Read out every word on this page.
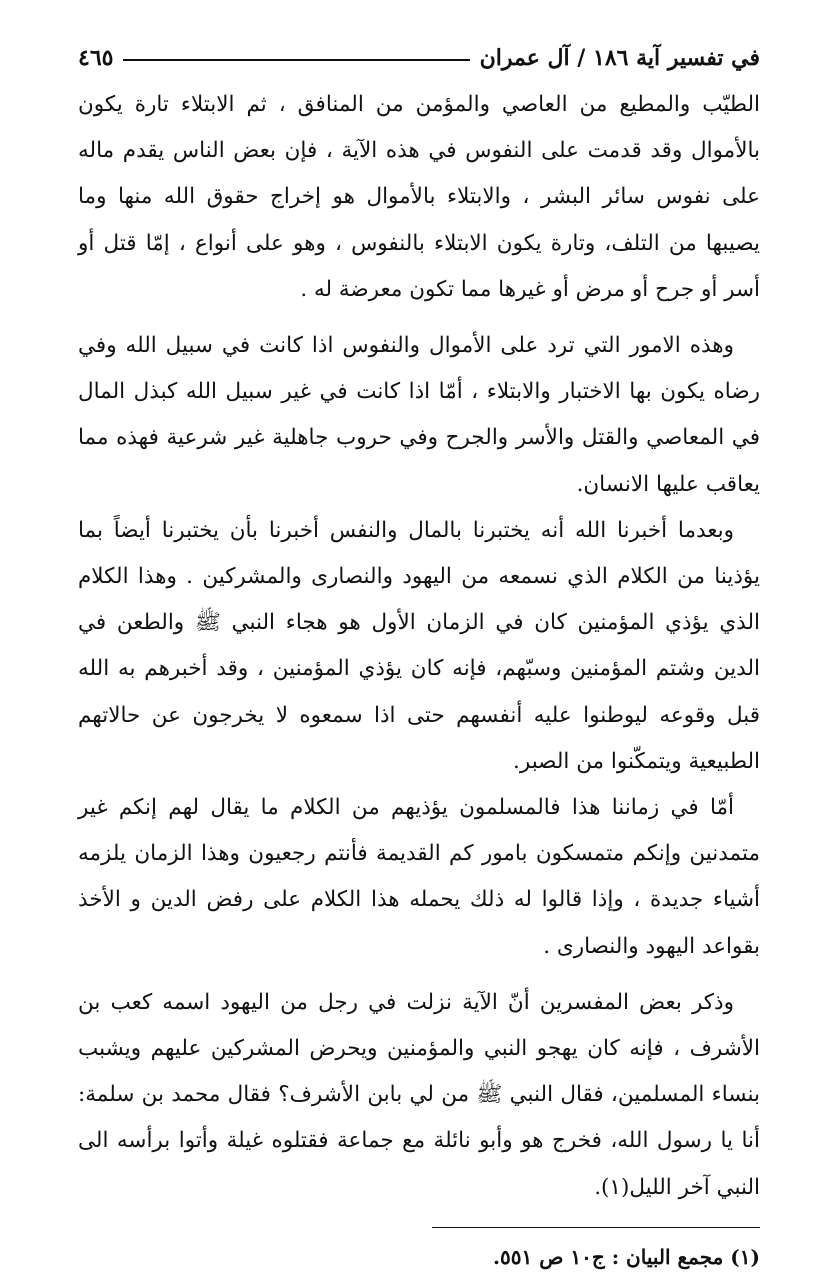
في تفسير آية ١٨٦ / آل عمران
٤٦٥

الطيّب والمطيع من العاصي والمؤمن من المنافق ، ثم الابتلاء تارة يكون بالأموال وقد قدمت على النفوس في هذه الآية ، فإن بعض الناس يقدم ماله على نفوس سائر البشر ، والابتلاء بالأموال هو إخراج حقوق الله منها وما يصيبها من التلف، وتارة يكون الابتلاء بالنفوس ، وهو على أنواع ، إمّا قتل أو أسر أو جرح أو مرض أو غيرها مما تكون معرضة له .

وهذه الامور التي ترد على الأموال والنفوس اذا كانت في سبيل الله وفي رضاه يكون بها الاختبار والابتلاء ، أمّا اذا كانت في غير سبيل الله كبذل المال في المعاصي والقتل والأسر والجرح وفي حروب جاهلية غير شرعية فهذه مما يعاقب عليها الانسان.

وبعدما أخبرنا الله أنه يختبرنا بالمال والنفس أخبرنا بأن يختبرنا أيضاً بما يؤذينا من الكلام الذي نسمعه من اليهود والنصارى والمشركين . وهذا الكلام الذي يؤذي المؤمنين كان في الزمان الأول هو هجاء النبي ﷺ والطعن في الدين وشتم المؤمنين وسبّهم، فإنه كان يؤذي المؤمنين ، وقد أخبرهم به الله قبل وقوعه ليوطنوا عليه أنفسهم حتى اذا سمعوه لا يخرجون عن حالاتهم الطبيعية ويتمكّنوا من الصبر.

أمّا في زماننا هذا فالمسلمون يؤذيهم من الكلام ما يقال لهم إنكم غير متمدنين وإنكم متمسكون بامور كم القديمة فأنتم رجعيون وهذا الزمان يلزمه أشياء جديدة ، وإذا قالوا له ذلك يحمله هذا الكلام على رفض الدين و الأخذ بقواعد اليهود والنصارى .

وذكر بعض المفسرين أنّ الآية نزلت في رجل من اليهود اسمه كعب بن الأشرف ، فإنه كان يهجو النبي والمؤمنين ويحرض المشركين عليهم ويشبب بنساء المسلمين، فقال النبي ﷺ من لي بابن الأشرف؟ فقال محمد بن سلمة: أنا يا رسول الله، فخرج هو وأبو نائلة مع جماعة فقتلوه غيلة وأتوا برأسه الى النبي آخر الليل(١).

(١) مجمع البيان : ج١٠ ص ٥٥١.
